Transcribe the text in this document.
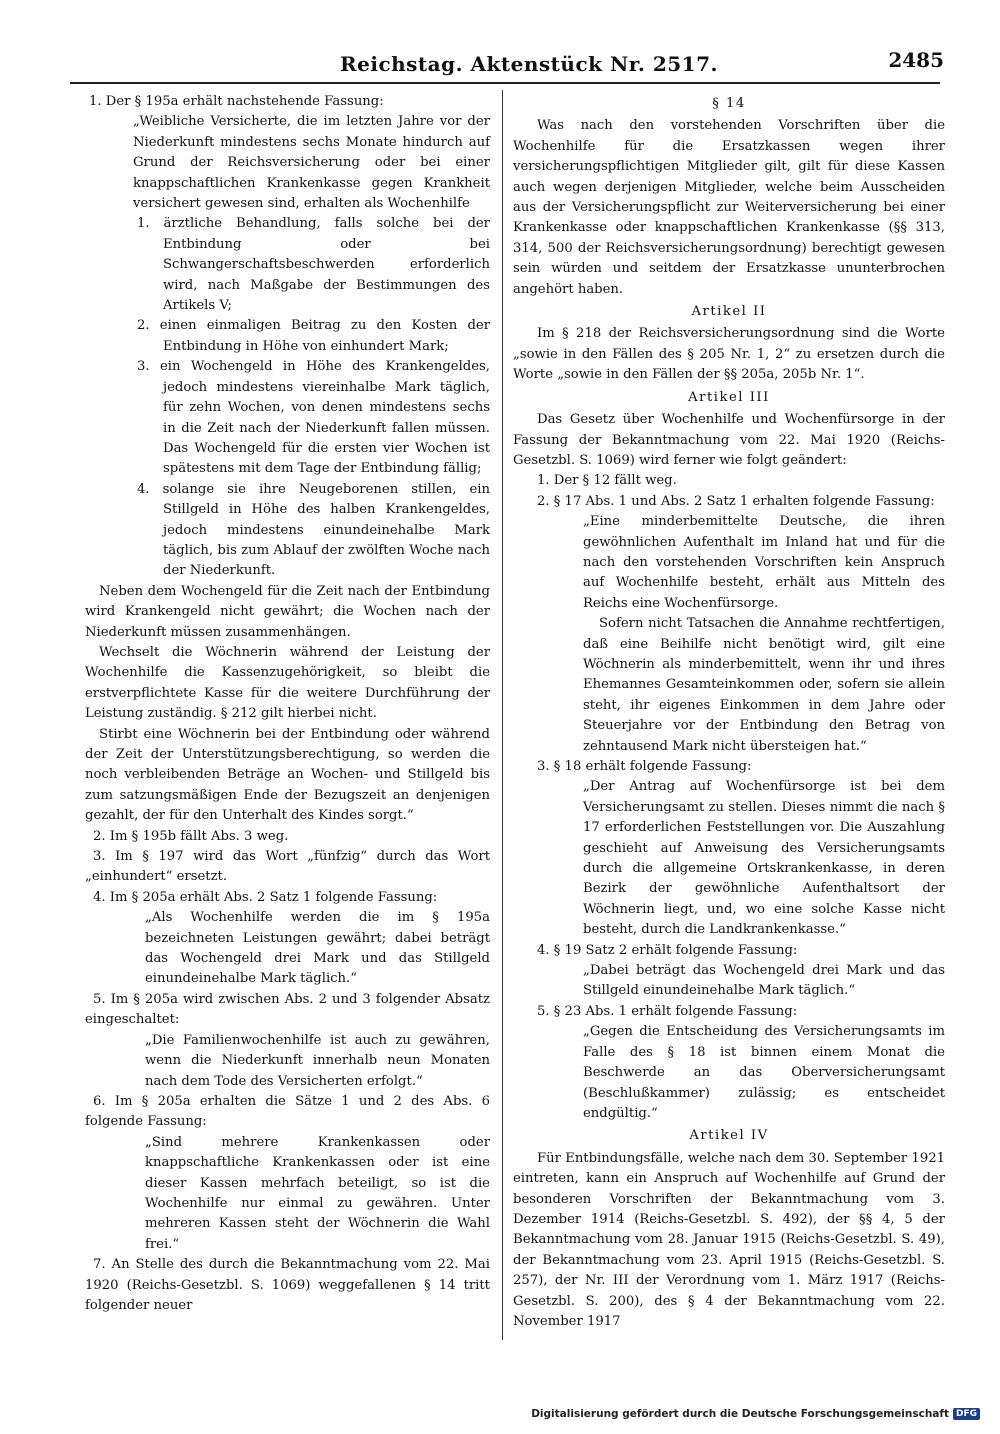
Reichstag. Aktenstück Nr. 2517.	2485

1. Der § 195a erhält nachstehende Fassung:

„Weibliche Versicherte, die im letzten Jahre vor der Niederkunft mindestens sechs Monate hindurch auf Grund der Reichsversicherung oder bei einer knappschaftlichen Krankenkasse gegen Krankheit versichert gewesen sind, erhalten als Wochenhilfe

1. ärztliche Behandlung, falls solche bei der Entbindung oder bei Schwangerschaftsbeschwerden erforderlich wird, nach Maßgabe der Bestimmungen des Artikels V;

2. einen einmaligen Beitrag zu den Kosten der Entbindung in Höhe von einhundert Mark;

3. ein Wochengeld in Höhe des Krankengeldes, jedoch mindestens viereinhalbe Mark täglich, für zehn Wochen, von denen mindestens sechs in die Zeit nach der Niederkunft fallen müssen. Das Wochengeld für die ersten vier Wochen ist spätestens mit dem Tage der Entbindung fällig;

4. solange sie ihre Neugeborenen stillen, ein Stillgeld in Höhe des halben Krankengeldes, jedoch mindestens einundeinehalbe Mark täglich, bis zum Ablauf der zwölften Woche nach der Niederkunft.

Neben dem Wochengeld für die Zeit nach der Entbindung wird Krankengeld nicht gewährt; die Wochen nach der Niederkunft müssen zusammenhängen.

Wechselt die Wöchnerin während der Leistung der Wochenhilfe die Kassenzugehörigkeit, so bleibt die erstverpflichtete Kasse für die weitere Durchführung der Leistung zuständig. § 212 gilt hierbei nicht.

Stirbt eine Wöchnerin bei der Entbindung oder während der Zeit der Unterstützungsberechtigung, so werden die noch verbleibenden Beträge an Wochen- und Stillgeld bis zum satzungsmäßigen Ende der Bezugszeit an denjenigen gezahlt, der für den Unterhalt des Kindes sorgt.“

2. Im § 195b fällt Abs. 3 weg.

3. Im § 197 wird das Wort „fünfzig“ durch das Wort „einhundert“ ersetzt.

4. Im § 205a erhält Abs. 2 Satz 1 folgende Fassung:

„Als Wochenhilfe werden die im § 195a bezeichneten Leistungen gewährt; dabei beträgt das Wochengeld drei Mark und das Stillgeld einundeinehalbe Mark täglich.“

5. Im § 205a wird zwischen Abs. 2 und 3 folgender Absatz eingeschaltet:

„Die Familienwochenhilfe ist auch zu gewähren, wenn die Niederkunft innerhalb neun Monaten nach dem Tode des Versicherten erfolgt.“

6. Im § 205a erhalten die Sätze 1 und 2 des Abs. 6 folgende Fassung:

„Sind mehrere Krankenkassen oder knappschaftliche Krankenkassen oder ist eine dieser Kassen mehrfach beteiligt, so ist die Wochenhilfe nur einmal zu gewähren. Unter mehreren Kassen steht der Wöchnerin die Wahl frei.“

7. An Stelle des durch die Bekanntmachung vom 22. Mai 1920 (Reichs-Gesetzbl. S. 1069) weggefallenen § 14 tritt folgender neuer

§ 14

Was nach den vorstehenden Vorschriften über die Wochenhilfe für die Ersatzkassen wegen ihrer versicherungspflichtigen Mitglieder gilt, gilt für diese Kassen auch wegen derjenigen Mitglieder, welche beim Ausscheiden aus der Versicherungspflicht zur Weiterversicherung bei einer Krankenkasse oder knappschaftlichen Krankenkasse (§§ 313, 314, 500 der Reichsversicherungsordnung) berechtigt gewesen sein würden und seitdem der Ersatzkasse ununterbrochen angehört haben.

Artikel II

Im § 218 der Reichsversicherungsordnung sind die Worte „sowie in den Fällen des § 205 Nr. 1, 2“ zu ersetzen durch die Worte „sowie in den Fällen der §§ 205a, 205b Nr. 1“.

Artikel III

Das Gesetz über Wochenhilfe und Wochenfürsorge in der Fassung der Bekanntmachung vom 22. Mai 1920 (Reichs-Gesetzbl. S. 1069) wird ferner wie folgt geändert:

1. Der § 12 fällt weg.

2. § 17 Abs. 1 und Abs. 2 Satz 1 erhalten folgende Fassung:

„Eine minderbemittelte Deutsche, die ihren gewöhnlichen Aufenthalt im Inland hat und für die nach den vorstehenden Vorschriften kein Anspruch auf Wochenhilfe besteht, erhält aus Mitteln des Reichs eine Wochenfürsorge.

Sofern nicht Tatsachen die Annahme rechtfertigen, daß eine Beihilfe nicht benötigt wird, gilt eine Wöchnerin als minderbemittelt, wenn ihr und ihres Ehemannes Gesamteinkommen oder, sofern sie allein steht, ihr eigenes Einkommen in dem Jahre oder Steuerjahre vor der Entbindung den Betrag von zehntausend Mark nicht übersteigen hat.“

3. § 18 erhält folgende Fassung:

„Der Antrag auf Wochenfürsorge ist bei dem Versicherungsamt zu stellen. Dieses nimmt die nach § 17 erforderlichen Feststellungen vor. Die Auszahlung geschieht auf Anweisung des Versicherungsamts durch die allgemeine Ortskrankenkasse, in deren Bezirk der gewöhnliche Aufenthaltsort der Wöchnerin liegt, und, wo eine solche Kasse nicht besteht, durch die Landkrankenkasse.“

4. § 19 Satz 2 erhält folgende Fassung:

„Dabei beträgt das Wochengeld drei Mark und das Stillgeld einundeinehalbe Mark täglich.“

5. § 23 Abs. 1 erhält folgende Fassung:

„Gegen die Entscheidung des Versicherungsamts im Falle des § 18 ist binnen einem Monat die Beschwerde an das Oberversicherungsamt (Beschlußkammer) zulässig; es entscheidet endgültig.“

Artikel IV

Für Entbindungsfälle, welche nach dem 30. September 1921 eintreten, kann ein Anspruch auf Wochenhilfe auf Grund der besonderen Vorschriften der Bekanntmachung vom 3. Dezember 1914 (Reichs-Gesetzbl. S. 492), der §§ 4, 5 der Bekanntmachung vom 28. Januar 1915 (Reichs-Gesetzbl. S. 49), der Bekanntmachung vom 23. April 1915 (Reichs-Gesetzbl. S. 257), der Nr. III der Verordnung vom 1. März 1917 (Reichs-Gesetzbl. S. 200), des § 4 der Bekanntmachung vom 22. November 1917

Digitalisierung gefördert durch die Deutsche Forschungsgemeinschaft DFG
